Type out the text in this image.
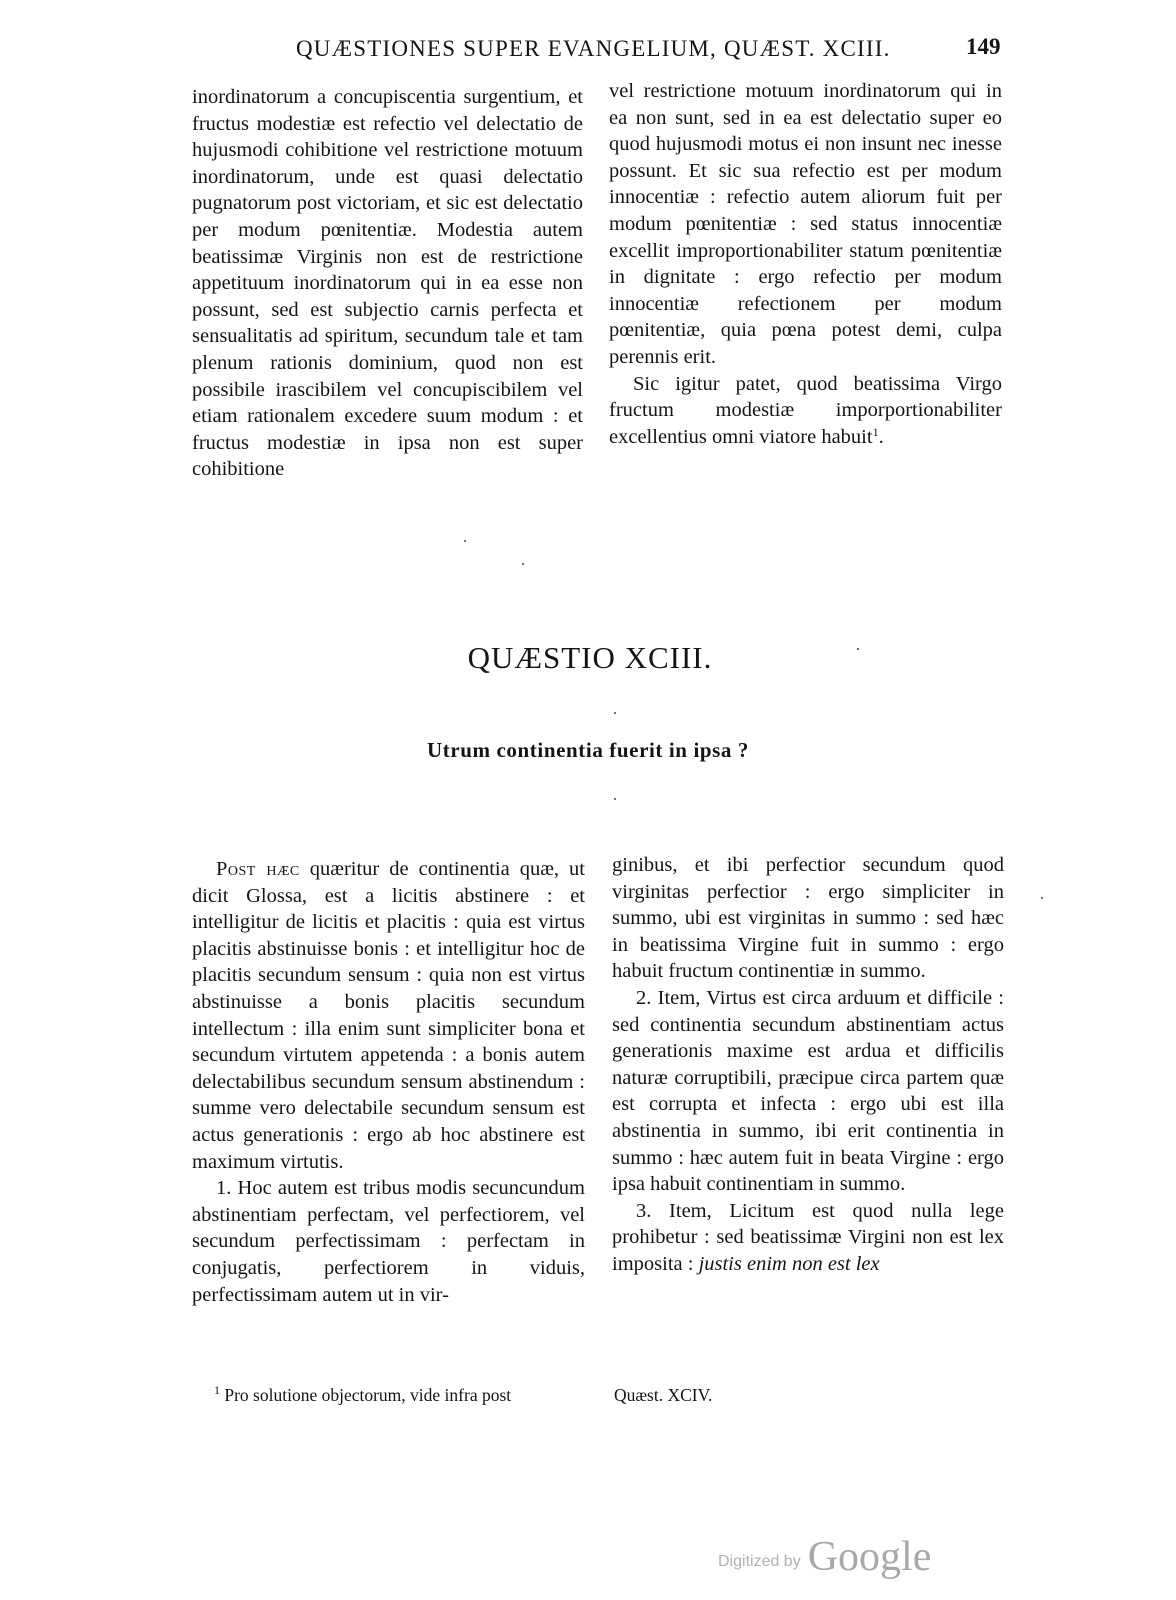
QUÆSTIONES SUPER EVANGELIUM, QUÆST. XCIII.	149

inordinatorum a concupiscentia surgentium, et fructus modestiæ est refectio vel delectatio de hujusmodi cohibitione vel restrictione motuum inordinatorum, unde est quasi delectatio pugnatorum post victoriam, et sic est delectatio per modum pœnitentiæ. Modestia autem beatissimæ Virginis non est de restrictione appetituum inordinatorum qui in ea esse non possunt, sed est subjectio carnis perfecta et sensualitatis ad spiritum, secundum tale et tam plenum rationis dominium, quod non est possibile irascibilem vel concupiscibilem vel etiam rationalem excedere suum modum : et fructus modestiæ in ipsa non est super cohibitione

vel restrictione motuum inordinatorum qui in ea non sunt, sed in ea est delectatio super eo quod hujusmodi motus ei non insunt nec inesse possunt. Et sic sua refectio est per modum innocentiæ : refectio autem aliorum fuit per modum pœnitentiæ : sed status innocentiæ excellit improportionabiliter statum pœnitentiæ in dignitate : ergo refectio per modum innocentiæ refectionem per modum pœnitentiæ, quia pœna potest demi, culpa perennis erit.

Sic igitur patet, quod beatissima Virgo fructum modestiæ imporportionabiliter excellentius omni viatore habuit$^1$.

QUÆSTIO XCIII.
Utrum continentia fuerit in ipsa ?

Post hæc quæritur de continentia quæ, ut dicit Glossa, est a licitis abstinere : et intelligitur de licitis et placitis : quia est virtus placitis abstinuisse bonis : et intelligitur hoc de placitis secundum sensum : quia non est virtus abstinuisse a bonis placitis secundum intellectum : illa enim sunt simpliciter bona et secundum virtutem appetenda : a bonis autem delectabilibus secundum sensum abstinendum : summe vero delectabile secundum sensum est actus generationis : ergo ab hoc abstinere est maximum virtutis.

1. Hoc autem est tribus modis secuncundum abstinentiam perfectam, vel perfectiorem, vel secundum perfectissimam : perfectam in conjugatis, perfectiorem in viduis, perfectissimam autem ut in vir-

ginibus, et ibi perfectior secundum quod virginitas perfectior : ergo simpliciter in summo, ubi est virginitas in summo : sed hæc in beatissima Virgine fuit in summo : ergo habuit fructum continentiæ in summo.

2. Item, Virtus est circa arduum et difficile : sed continentia secundum abstinentiam actus generationis maxime est ardua et difficilis naturæ corruptibili, præcipue circa partem quæ est corrupta et infecta : ergo ubi est illa abstinentia in summo, ibi erit continentia in summo : hæc autem fuit in beata Virgine : ergo ipsa habuit continentiam in summo.

3. Item, Licitum est quod nulla lege prohibetur : sed beatissimæ Virgini non est lex imposita : justis enim non est lex

$^1$ Pro solutione objectorum, vide infra post	Quæst. XCIV.
Digitized by Google
